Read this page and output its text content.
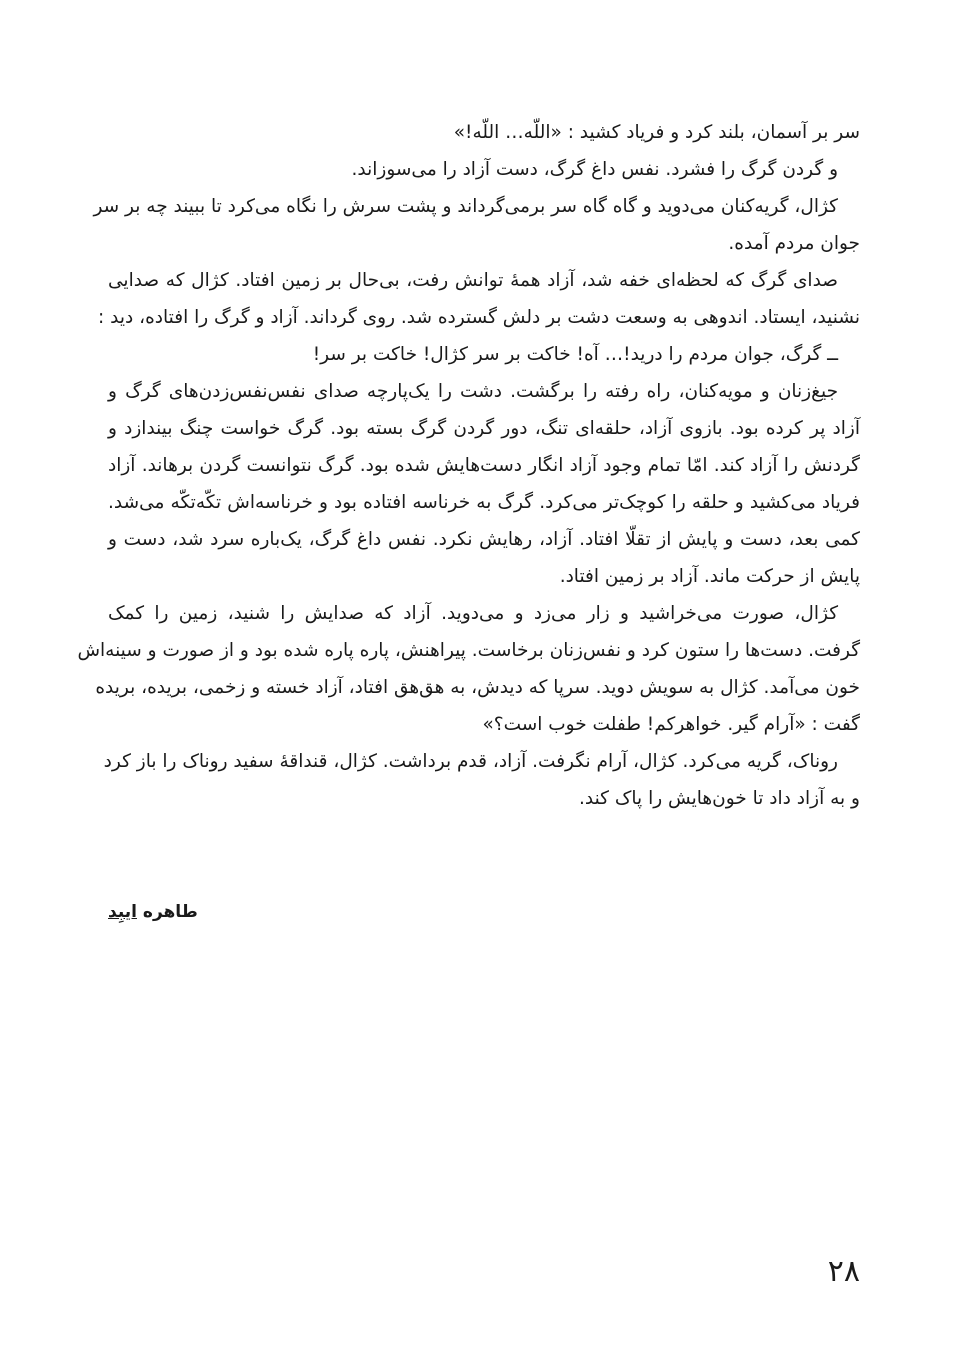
سر بر آسمان، بلند کرد و فریاد کشید : «اللّه… اللّه!»

و گردن گرگ را فشرد. نفس داغ گرگ، دست آزاد را می‌سوزاند.

کژال، گریه‌کنان می‌دوید و گاه گاه سر برمی‌گرداند و پشت سرش را نگاه می‌کرد تا ببیند چه بر سر
جوان مردم آمده.

صدای گرگ که لحظه‌ای خفه شد، آزاد همهٔ توانش رفت، بی‌حال بر زمین افتاد. کژال که صدایی
نشنید، ایستاد. اندوهی به وسعت دشت بر دلش گسترده شد. روی گرداند. آزاد و گرگ را افتاده، دید :
ــ گرگ، جوان مردم را درید!… آه! خاکت بر سر کژال! خاکت بر سر!

جیغ‌زنان و مویه‌کنان، راه رفته را برگشت. دشت را یک‌پارچه صدای نفس‌نفس‌زدن‌های گرگ و
آزاد پر کرده بود. بازوی آزاد، حلقه‌ای تنگ، دور گردن گرگ بسته بود. گرگ خواست چنگ بیندازد و
گردنش را آزاد کند. امّا تمام وجود آزاد انگار دست‌هایش شده بود. گرگ نتوانست گردن برهاند. آزاد
فریاد می‌کشید و حلقه را کوچک‌تر می‌کرد. گرگ به خرناسه افتاده بود و خرناسه‌اش تکّه‌تکّه می‌شد.
کمی بعد، دست و پایش از تقلّا افتاد. آزاد، رهایش نکرد. نفس داغ گرگ، یک‌باره سرد شد، دست و
پایش از حرکت ماند. آزاد بر زمین افتاد.

کژال، صورت می‌خراشید و زار می‌زد و می‌دوید. آزاد که صدایش را شنید، زمین را کمک
گرفت. دست‌ها را ستون کرد و نفس‌زنان برخاست. پیراهنش، پاره پاره شده بود و از صورت و سینه‌اش
خون می‌آمد. کژال به سویش دوید. سرپا که دیدش، به هق‌هق افتاد، آزاد خسته و زخمی، بریده، بریده
گفت : «آرام گیر. خواهرکم! طفلت خوب است؟»

روناک، گریه می‌کرد. کژال، آرام نگرفت. آزاد، قدم برداشت. کژال، قنداقهٔ سفید روناک را باز کرد
و به آزاد داد تا خون‌هایش را پاک کند.

طاهره ایبِد
۲۸
